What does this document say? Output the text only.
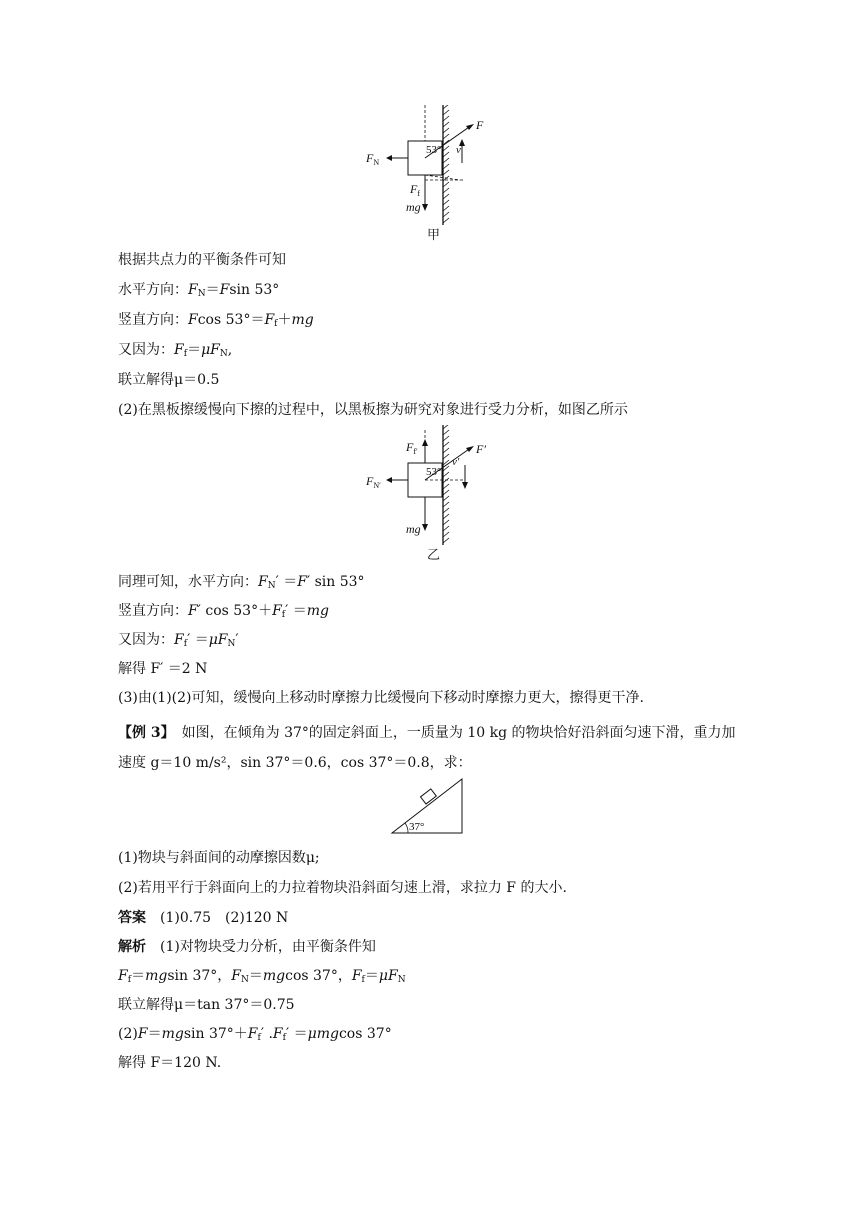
$F_N$
F
v
53°
$F_f$
mg
甲
根据共点力的平衡条件可知
水平方向：$F_N=Fsin$ 53°
竖直方向：Fcos $53^\circ=F_f+mg$
又因为：$F_f=\mu F_N$,
联立解得μ＝0.5
(2)在黑板擦缓慢向下擦的过程中，以黑板擦为研究对象进行受力分析，如图乙所示
$F_{N'}$
F′
v′
53°
$F_{f'}$
mg
乙
同理可知，水平方向：$F_N' =F'$ sin 53°
竖直方向：F′ $\cos 53^\circ+F_f' =mg$
又因为：$F_f' =\mu F_N'$
解得 F′ ＝2 N
(3)由(1)(2)可知，缓慢向上移动时摩擦力比缓慢向下移动时摩擦力更大，擦得更干净.
【例 3】　如图，在倾角为 37°的固定斜面上，一质量为 10 kg 的物块恰好沿斜面匀速下滑，重力加速度 g＝10 m/s²，sin 37°＝0.6，cos 37°＝0.8，求：
37°
(1)物块与斜面间的动摩擦因数μ;
(2)若用平行于斜面向上的力拉着物块沿斜面匀速上滑，求拉力 F 的大小.
答案　(1)0.75　(2)120 N
解析　(1)对物块受力分析，由平衡条件知
$F_f=mgsin$ 37°，$F_N=mgcos$ 37°，$F_f=\mu F_N$
联立解得μ＝tan 37°＝0.75
(2)F＝mgsin $37^\circ+F_f'$ $.F_f' =\mu mgcos$ 37°
解得 F＝120 N.
